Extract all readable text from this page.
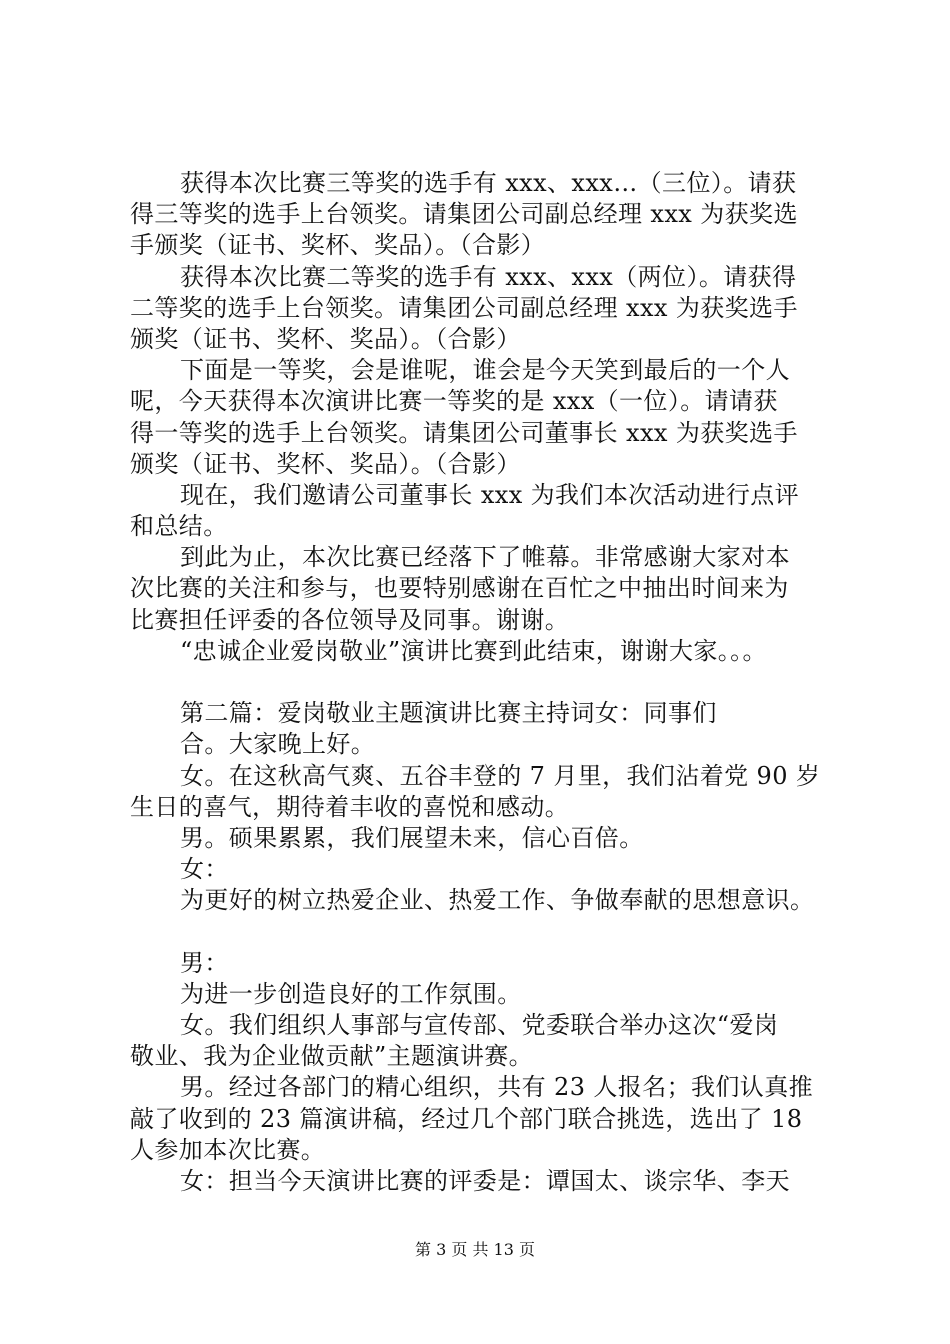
获得本次比赛三等奖的选手有 xxx、xxx…（三位）。请获
得三等奖的选手上台领奖。请集团公司副总经理 xxx 为获奖选
手颁奖（证书、奖杯、奖品）。（合影）
获得本次比赛二等奖的选手有 xxx、xxx（两位）。请获得
二等奖的选手上台领奖。请集团公司副总经理 xxx 为获奖选手
颁奖（证书、奖杯、奖品）。（合影）
下面是一等奖，会是谁呢，谁会是今天笑到最后的一个人
呢，今天获得本次演讲比赛一等奖的是 xxx（一位）。请请获
得一等奖的选手上台领奖。请集团公司董事长 xxx 为获奖选手
颁奖（证书、奖杯、奖品）。（合影）
现在，我们邀请公司董事长 xxx 为我们本次活动进行点评
和总结。
到此为止，本次比赛已经落下了帷幕。非常感谢大家对本
次比赛的关注和参与，也要特别感谢在百忙之中抽出时间来为
比赛担任评委的各位领导及同事。谢谢。
“忠诚企业爱岗敬业”演讲比赛到此结束，谢谢大家。。。
第二篇：爱岗敬业主题演讲比赛主持词女：同事们
合。大家晚上好。
女。在这秋高气爽、五谷丰登的 7 月里，我们沾着党 90 岁
生日的喜气，期待着丰收的喜悦和感动。
男。硕果累累，我们展望未来，信心百倍。
女：
为更好的树立热爱企业、热爱工作、争做奉献的思想意识。
男：
为进一步创造良好的工作氛围。
女。我们组织人事部与宣传部、党委联合举办这次“爱岗
敬业、我为企业做贡献”主题演讲赛。
男。经过各部门的精心组织，共有 23 人报名；我们认真推
敲了收到的 23 篇演讲稿，经过几个部门联合挑选，选出了 18
人参加本次比赛。
女：担当今天演讲比赛的评委是：谭国太、谈宗华、李天
第 3 页 共 13 页
